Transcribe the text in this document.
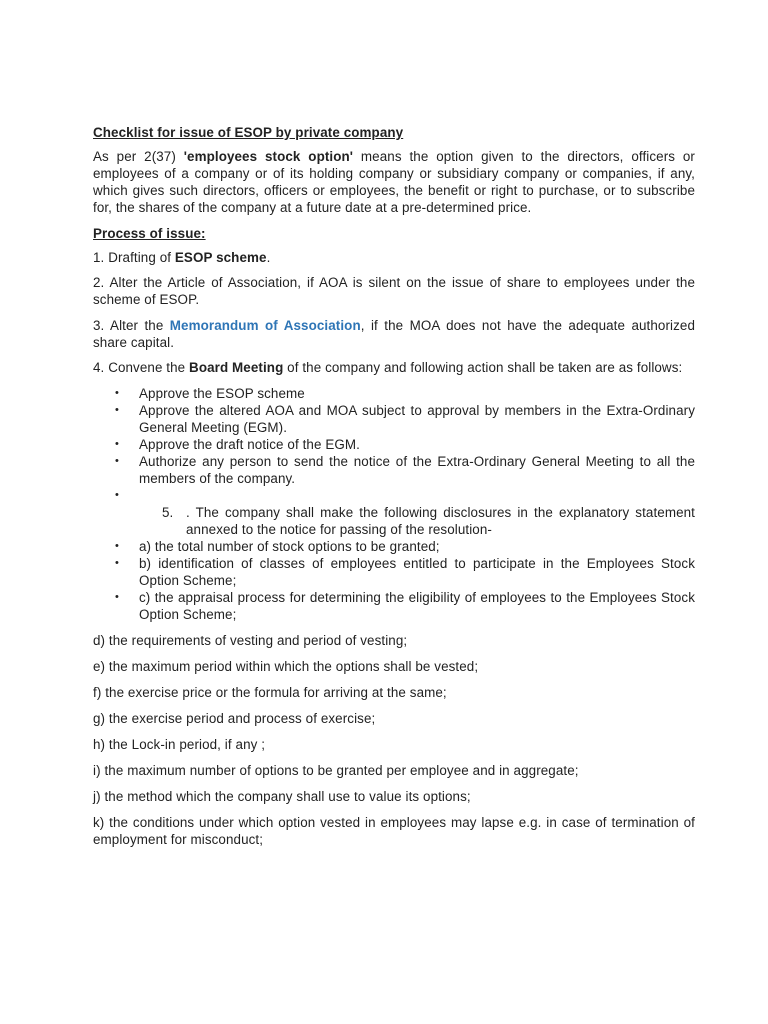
Checklist for issue of ESOP by private company
As per 2(37) 'employees stock option' means the option given to the directors, officers or employees of a company or of its holding company or subsidiary company or companies, if any, which gives such directors, officers or employees, the benefit or right to purchase, or to subscribe for, the shares of the company at a future date at a pre-determined price.
Process of issue:
1. Drafting of ESOP scheme.
2. Alter the Article of Association, if AOA is silent on the issue of share to employees under the scheme of ESOP.
3. Alter the Memorandum of Association, if the MOA does not have the adequate authorized share capital.
4. Convene the Board Meeting of the company and following action shall be taken are as follows:
• Approve the ESOP scheme
• Approve the altered AOA and MOA subject to approval by members in the Extra-Ordinary General Meeting (EGM).
• Approve the draft notice of the EGM.
• Authorize any person to send the notice of the Extra-Ordinary General Meeting to all the members of the company.
•

5. . The company shall make the following disclosures in the explanatory statement annexed to the notice for passing of the resolution-
• a) the total number of stock options to be granted;
• b) identification of classes of employees entitled to participate in the Employees Stock Option Scheme;
• c) the appraisal process for determining the eligibility of employees to the Employees Stock Option Scheme;
d) the requirements of vesting and period of vesting;
e) the maximum period within which the options shall be vested;
f) the exercise price or the formula for arriving at the same;
g) the exercise period and process of exercise;
h) the Lock-in period, if any ;
i) the maximum number of options to be granted per employee and in aggregate;
j) the method which the company shall use to value its options;
k) the conditions under which option vested in employees may lapse e.g. in case of termination of employment for misconduct;
